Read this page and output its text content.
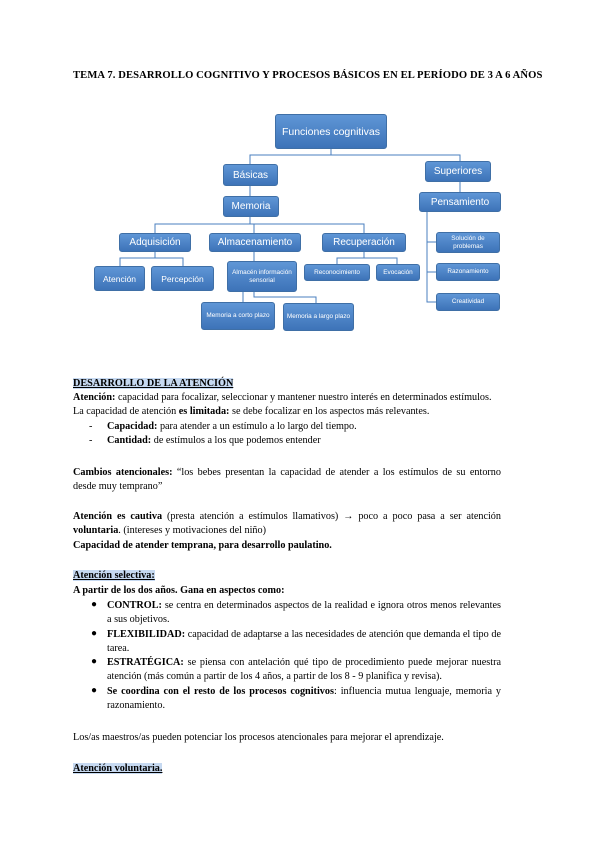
TEMA 7. DESARROLLO COGNITIVO Y PROCESOS BÁSICOS EN EL PERÍODO DE 3 A 6 AÑOS
Funciones cognitivas
Básicas	Superiores
Memoria	Pensamiento
Adquisición	Almacenamiento	Recuperación
Atención	Percepción
Almacén información sensorial
Reconocimiento	Evocación
Memoria a corto plazo	Memoria a largo plazo
Solución de problemas
Razonamiento
Creatividad
DESARROLLO DE LA ATENCIÓN
Atención: capacidad para focalizar, seleccionar y mantener nuestro interés en determinados estímulos.
La capacidad de atención es limitada: se debe focalizar en los aspectos más relevantes.
- Capacidad: para atender a un estímulo a lo largo del tiempo.
- Cantidad: de estímulos a los que podemos entender
Cambios atencionales: “los bebes presentan la capacidad de atender a los estímulos de su entorno desde muy temprano”
Atención es cautiva (presta atención a estímulos llamativos) → poco a poco pasa a ser atención voluntaria. (intereses y motivaciones del niño)
Capacidad de atender temprana, para desarrollo paulatino.
Atención selectiva:
A partir de los dos años. Gana en aspectos como:
● CONTROL: se centra en determinados aspectos de la realidad e ignora otros menos relevantes a sus objetivos.
● FLEXIBILIDAD: capacidad de adaptarse a las necesidades de atención que demanda el tipo de tarea.
● ESTRATÉGICA: se piensa con antelación qué tipo de procedimiento puede mejorar nuestra atención (más común a partir de los 4 años, a partir de los 8 - 9 planifica y revisa).
● Se coordina con el resto de los procesos cognitivos: influencia mutua lenguaje, memoria y razonamiento.
Los/as maestros/as pueden potenciar los procesos atencionales para mejorar el aprendizaje.
Atención voluntaria.
